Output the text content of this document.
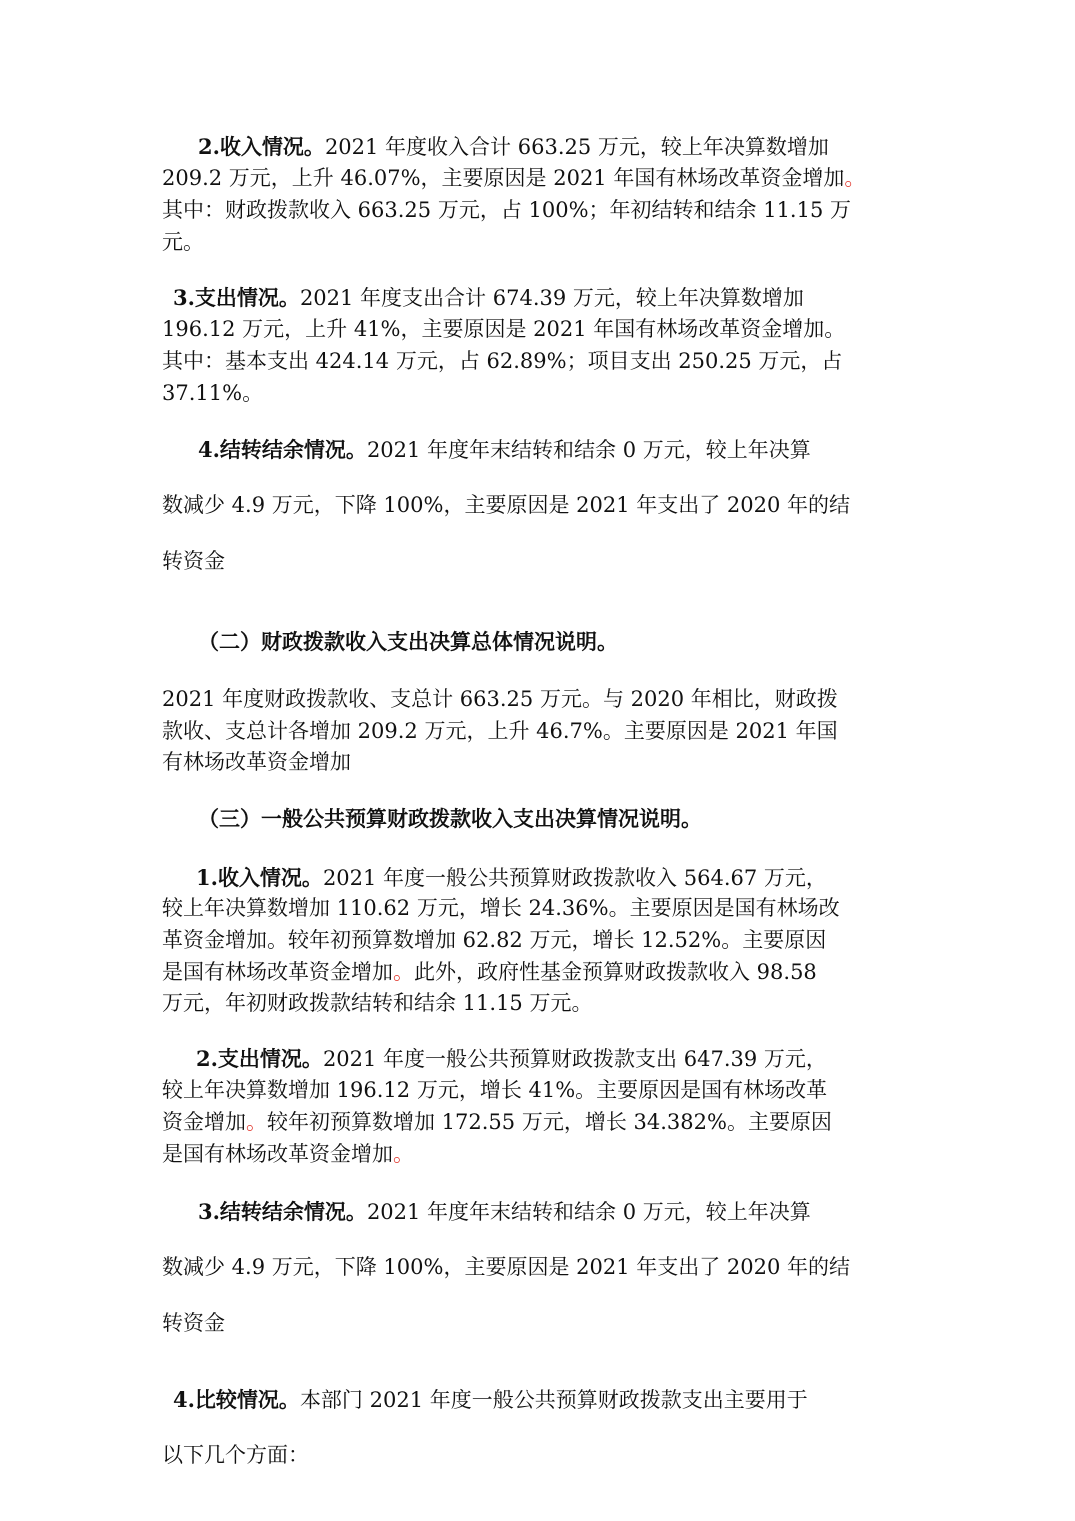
2.收入情况。2021 年度收入合计 663.25 万元，较上年决算数增加

209.2 万元，上升 46.07%，主要原因是 2021 年国有林场改革资金增加。

其中：财政拨款收入 663.25 万元，占 100%；年初结转和结余 11.15 万

元。

3.支出情况。2021 年度支出合计 674.39 万元，较上年决算数增加

196.12 万元，上升 41%，主要原因是 2021 年国有林场改革资金增加。

其中：基本支出 424.14 万元，占 62.89%；项目支出 250.25 万元，占

37.11%。

4.结转结余情况。2021 年度年末结转和结余 0 万元，较上年决算

数减少 4.9 万元，下降 100%，主要原因是 2021 年支出了 2020 年的结

转资金

（二）财政拨款收入支出决算总体情况说明。

2021 年度财政拨款收、支总计 663.25 万元。与 2020 年相比，财政拨

款收、支总计各增加 209.2 万元，上升 46.7%。主要原因是 2021 年国

有林场改革资金增加

（三）一般公共预算财政拨款收入支出决算情况说明。

1.收入情况。2021 年度一般公共预算财政拨款收入 564.67 万元，

较上年决算数增加 110.62 万元，增长 24.36%。主要原因是国有林场改

革资金增加。较年初预算数增加 62.82 万元，增长 12.52%。主要原因

是国有林场改革资金增加。此外，政府性基金预算财政拨款收入 98.58

万元，年初财政拨款结转和结余 11.15 万元。

2.支出情况。2021 年度一般公共预算财政拨款支出 647.39 万元，

较上年决算数增加 196.12 万元，增长 41%。主要原因是国有林场改革

资金增加。较年初预算数增加 172.55 万元，增长 34.382%。主要原因

是国有林场改革资金增加。

3.结转结余情况。2021 年度年末结转和结余 0 万元，较上年决算

数减少 4.9 万元，下降 100%，主要原因是 2021 年支出了 2020 年的结

转资金

4.比较情况。本部门 2021 年度一般公共预算财政拨款支出主要用于

以下几个方面：
